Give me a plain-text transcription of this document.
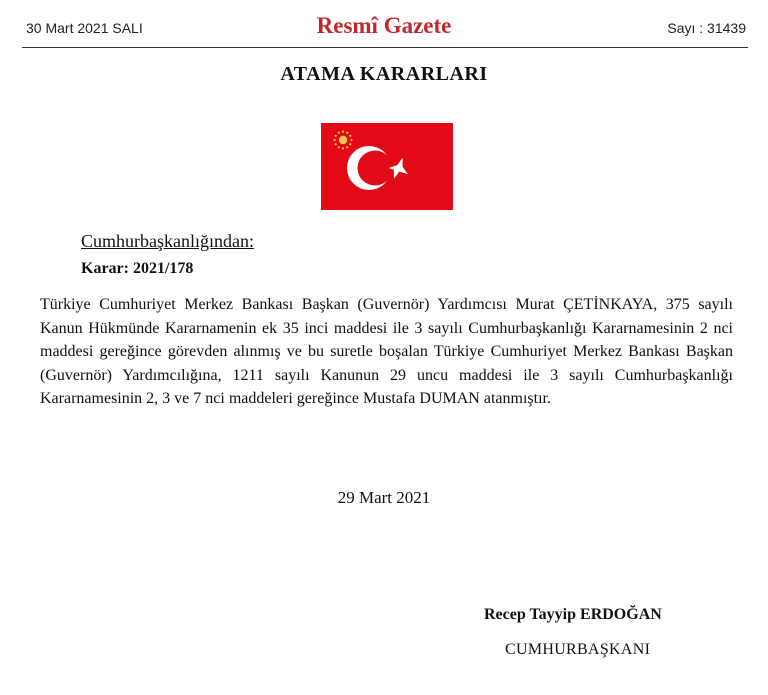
30 Mart 2021 SALI	Resmî Gazete	Sayı : 31439
ATAMA KARARLARI
Cumhurbaşkanlığından:
Karar: 2021/178

Türkiye Cumhuriyet Merkez Bankası Başkan (Guvernör) Yardımcısı Murat ÇETİNKAYA, 375 sayılı Kanun Hükmünde Kararnamenin ek 35 inci maddesi ile 3 sayılı Cumhurbaşkanlığı Kararnamesinin 2 nci maddesi gereğince görevden alınmış ve bu suretle boşalan Türkiye Cumhuriyet Merkez Bankası Başkan (Guvernör) Yardımcılığına, 1211 sayılı Kanunun 29 uncu maddesi ile 3 sayılı Cumhurbaşkanlığı Kararnamesinin 2, 3 ve 7 nci maddeleri gereğince Mustafa DUMAN atanmıştır.

29 Mart 2021
Recep Tayyip ERDOĞAN
CUMHURBAŞKANI
